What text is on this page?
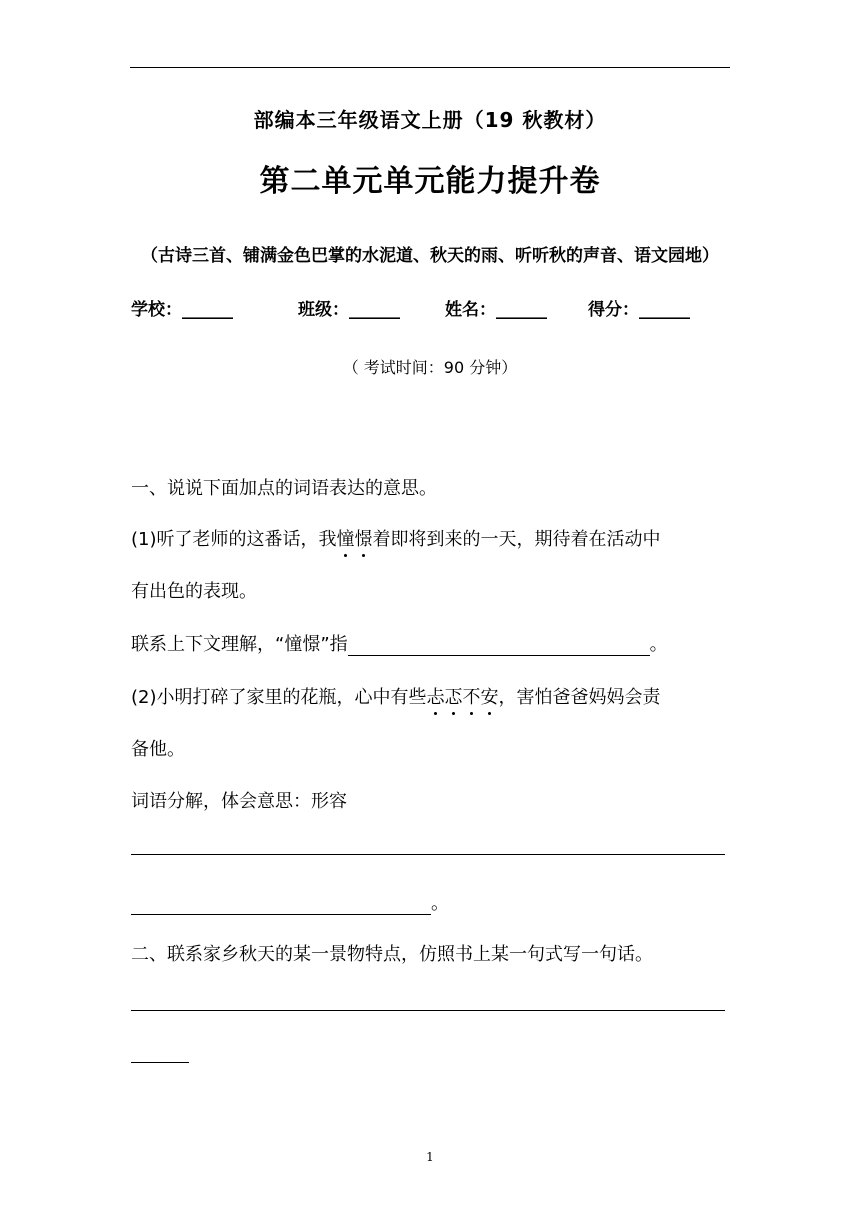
部编本三年级语文上册（19 秋教材）
第二单元单元能力提升卷
（古诗三首、铺满金色巴掌的水泥道、秋天的雨、听听秋的声音、语文园地）
学校：______	班级：______	姓名：______ 得分：______
（ 考试时间：90 分钟）
一、说说下面加点的词语表达的意思。
(1)听了老师的这番话，我憧憬着即将到来的一天，期待着在活动中
有出色的表现。
联系上下文理解，“憧憬”指	。
(2)小明打碎了家里的花瓶，心中有些忐忑不安，害怕爸爸妈妈会责
备他。
词语分解，体会意思：形容
。
二、联系家乡秋天的某一景物特点，仿照书上某一句式写一句话。
1
